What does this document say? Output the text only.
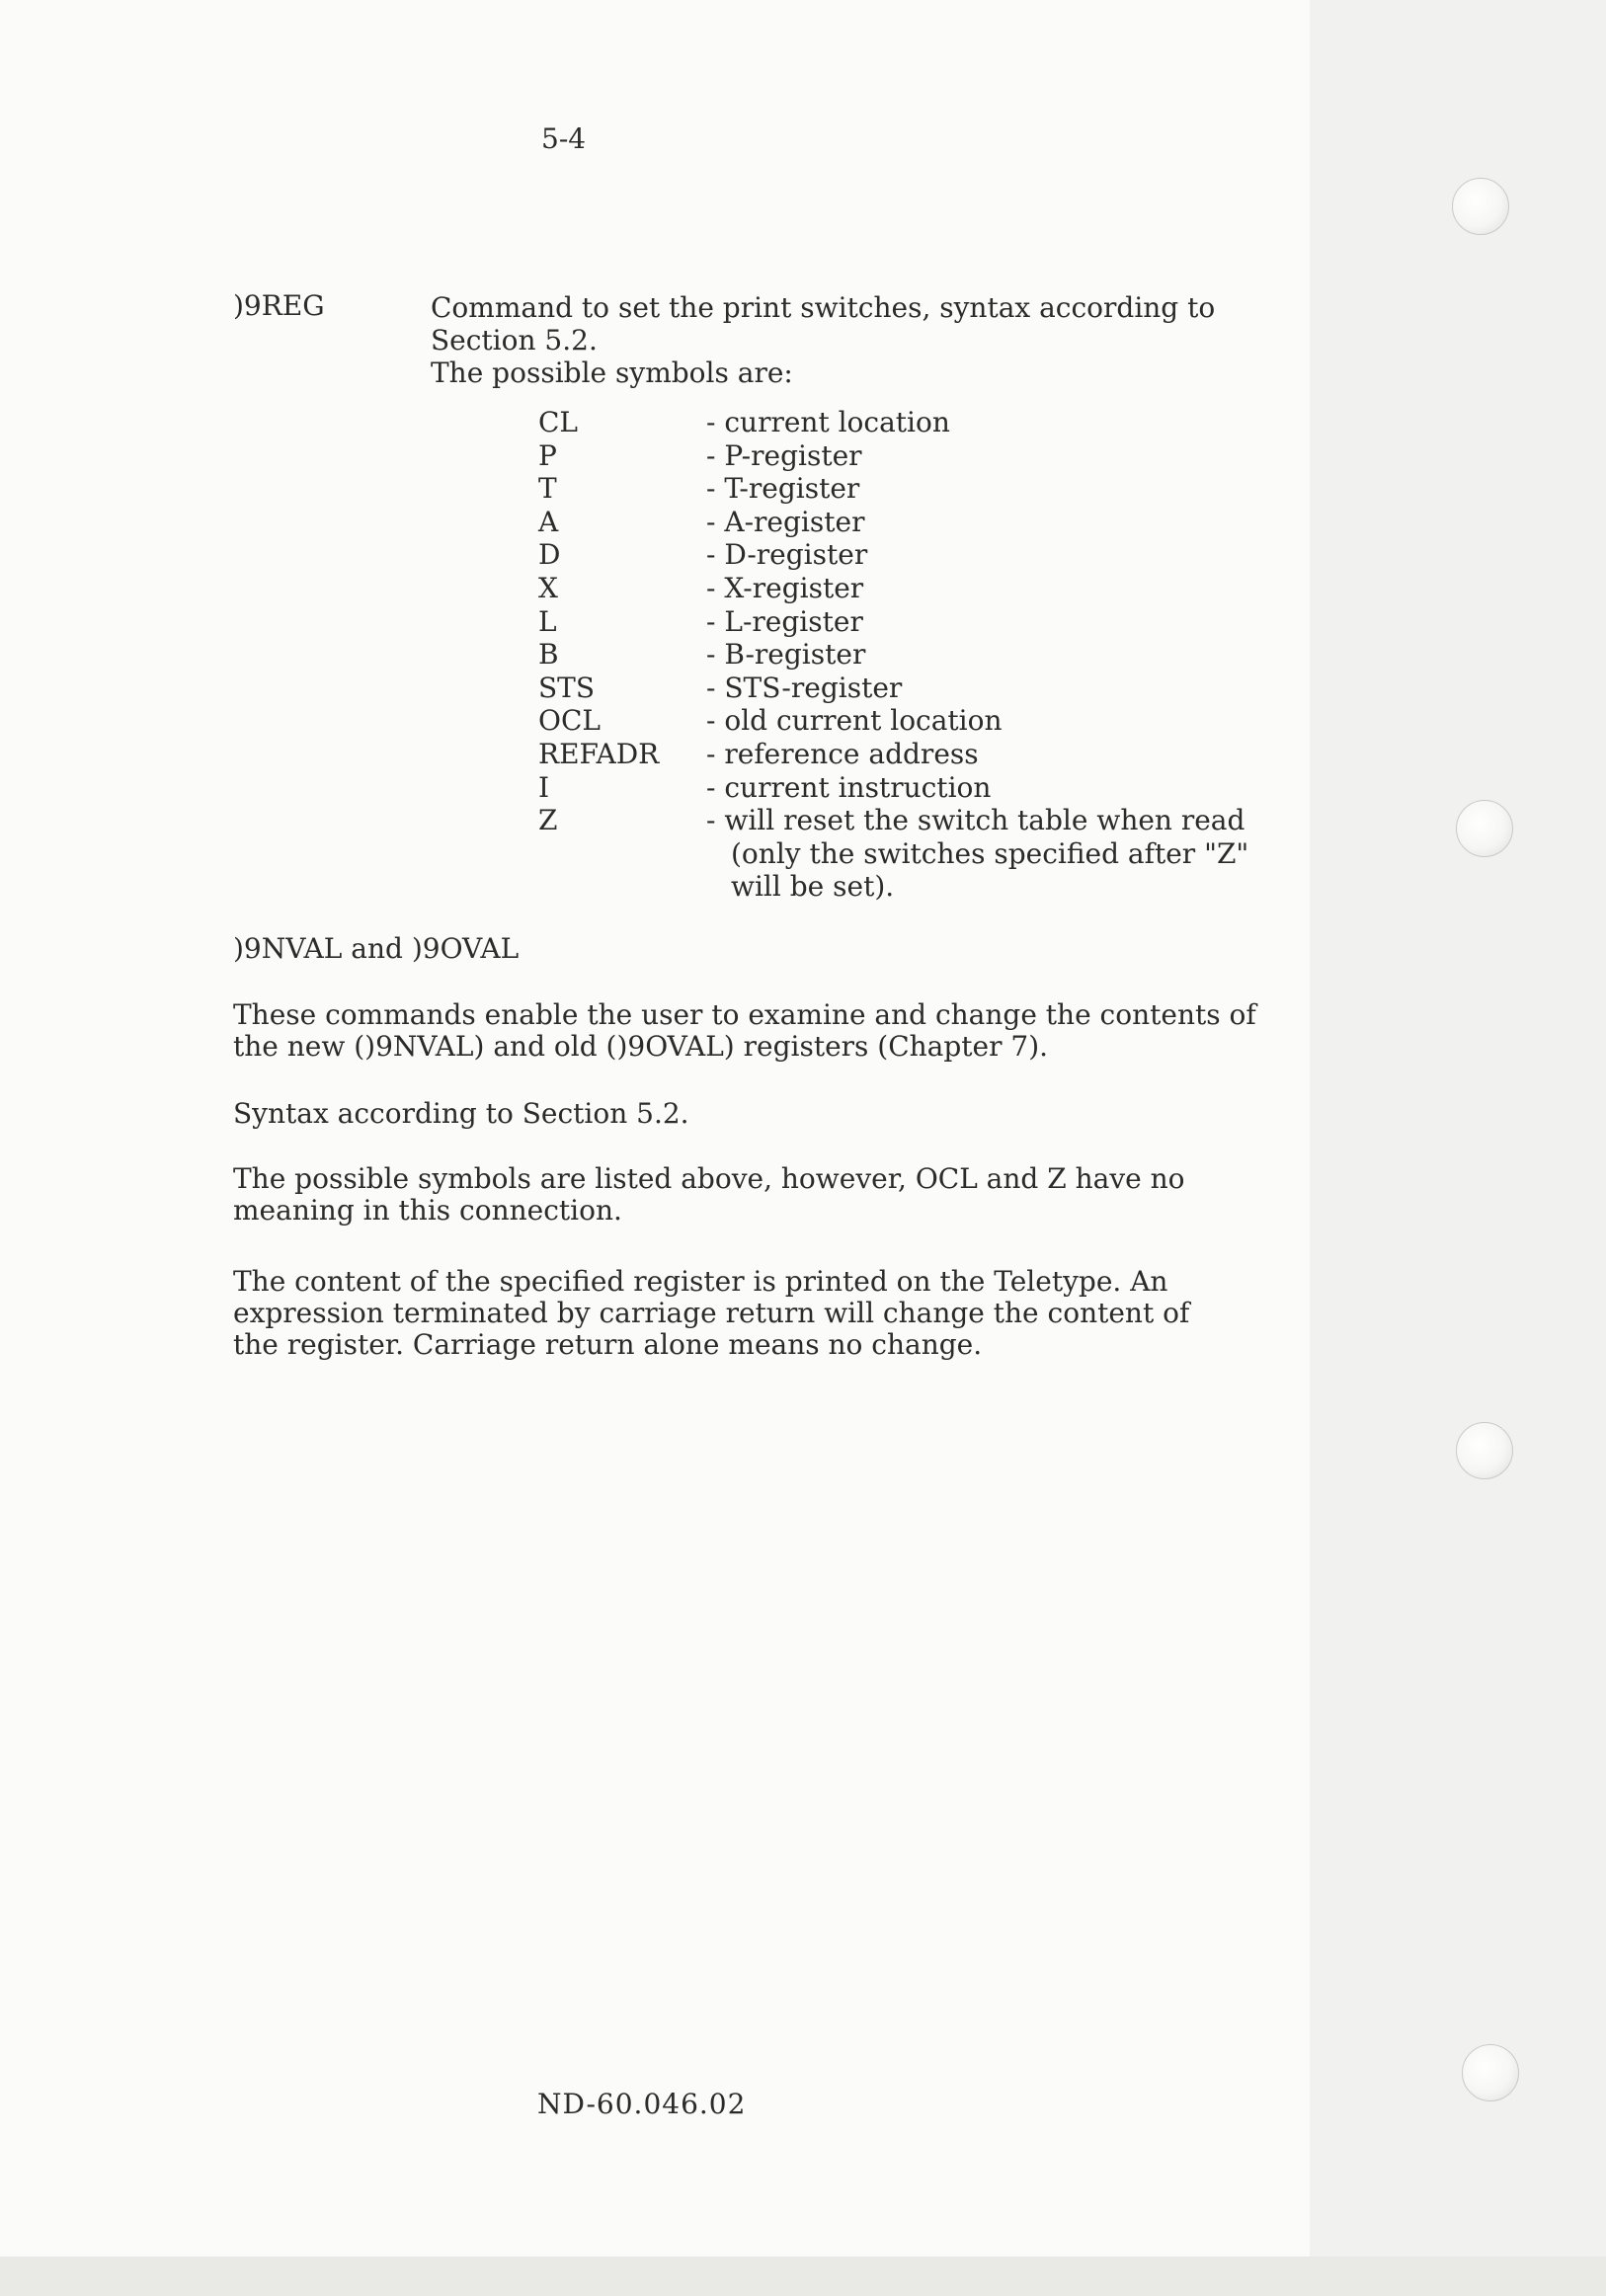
5-4
)9REG	Command to set the print switches, syntax according to
Section 5.2.
The possible symbols are:
CL	- current location
P	- P-register
T	- T-register
A	- A-register
D	- D-register
X	- X-register
L	- L-register
B	- B-register
STS	- STS-register
OCL	- old current location
REFADR	- reference address
I	- current instruction
Z	- will reset the switch table when read
	(only the switches specified after "Z"
	will be set).
)9NVAL and )9OVAL
These commands enable the user to examine and change the contents of
the new ()9NVAL) and old ()9OVAL) registers (Chapter 7).
Syntax according to Section 5.2.
The possible symbols are listed above, however, OCL and Z have no
meaning in this connection.
The content of the specified register is printed on the Teletype. An
expression terminated by carriage return will change the content of
the register. Carriage return alone means no change.
ND-60.046.02
